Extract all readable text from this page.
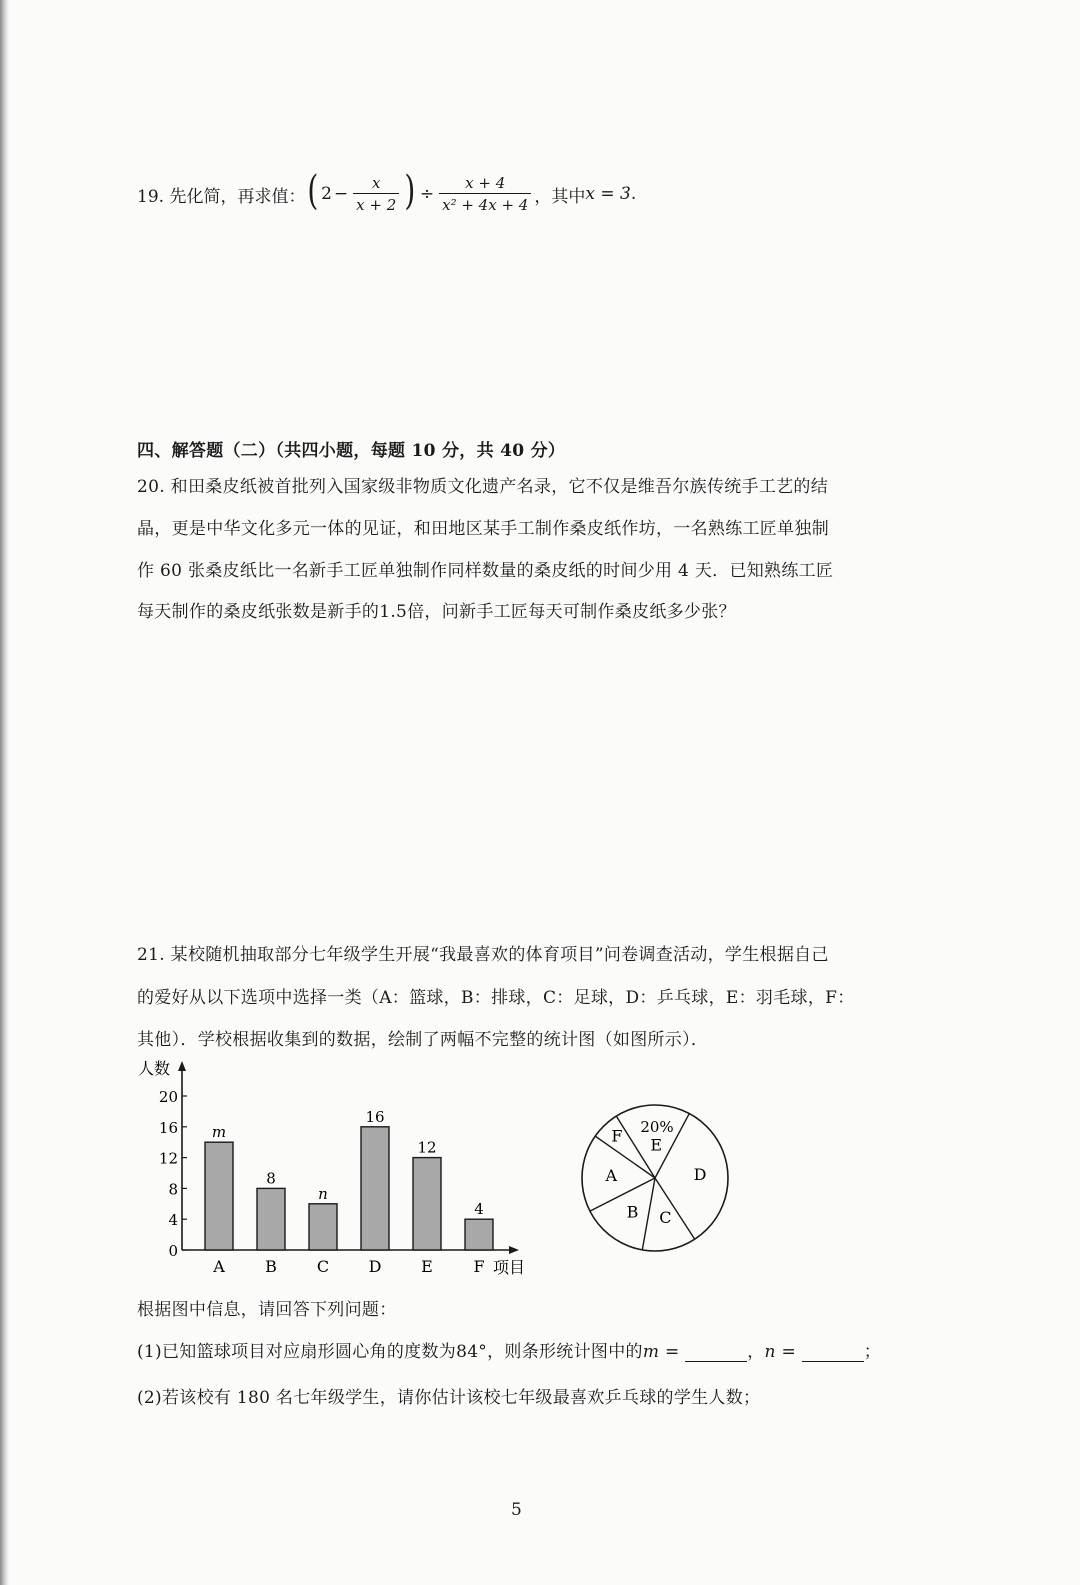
19. 先化简，再求值： ( $2 - \frac{x}{x + 2}$ ) ÷ $\frac{x + 4}{\text{x² + 4x + 4}}$ ，其中 x = 3 .
四、解答题（二）（共四小题，每题 10 分，共 40 分）
20. 和田桑皮纸被首批列入国家级非物质文化遗产名录，它不仅是维吾尔族传统手工艺的结
晶，更是中华文化多元一体的见证，和田地区某手工制作桑皮纸作坊，一名熟练工匠单独制
作 60 张桑皮纸比一名新手工匠单独制作同样数量的桑皮纸的时间少用 4 天．已知熟练工匠
每天制作的桑皮纸张数是新手的1.5倍，问新手工匠每天可制作桑皮纸多少张？
21. 某校随机抽取部分七年级学生开展“我最喜欢的体育项目”问卷调查活动，学生根据自己
的爱好从以下选项中选择一类（A：篮球，B：排球，C：足球，D：乒乓球，E：羽毛球，F：
其他）．学校根据收集到的数据，绘制了两幅不完整的统计图（如图所示）．
人数
项目
0
4
8
12
16
20
m
A
8
B
n
C
16
D
12
E
4
F
E
D
C
B
A
F 20%
根据图中信息，请回答下列问题：
(1)已知篮球项目对应扇形圆心角的度数为84°，则条形统计图中的m =	，n =	；
(2)若该校有 180 名七年级学生，请你估计该校七年级最喜欢乒乓球的学生人数；
5
